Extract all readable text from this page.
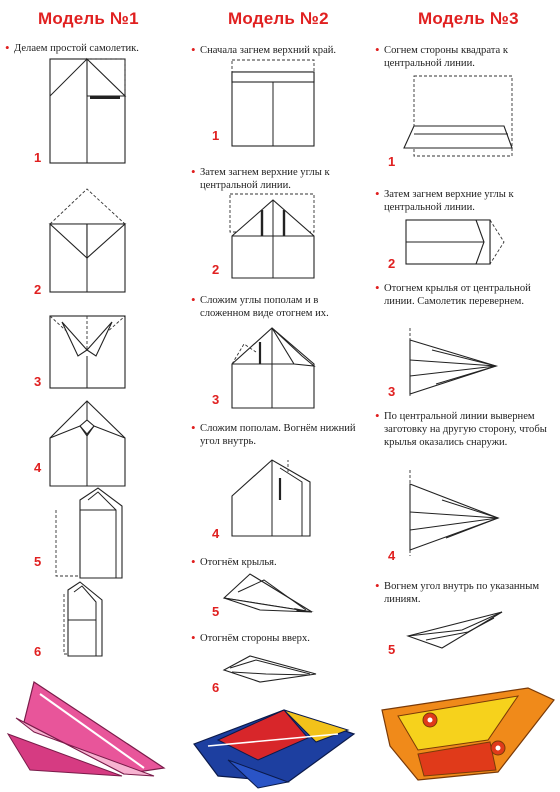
Модель №1	Модель №2	Модель №3
• Делаем простой самолетик.
1
2
3
4
5
6
• Сначала загнем верхний край.
1
• Затем загнем верхние углы к центральной линии.
2
• Сложим углы пополам и в сложенном виде отогнем их.
3
• Сложим пополам. Вогнём нижний угол внутрь.
4
• Отогнём крылья.
5
• Отогнём стороны вверх.
6
• Согнем стороны квадрата к центральной линии.
1
• Затем загнем верхние углы к центральной линии.
2
• Отогнем крылья от центральной линии. Самолетик перевернем.
3
• По центральной линии вывернем заготовку на другую сторону, чтобы крылья оказались снаружи.
4
• Вогнем угол внутрь по указанным линиям.
5
